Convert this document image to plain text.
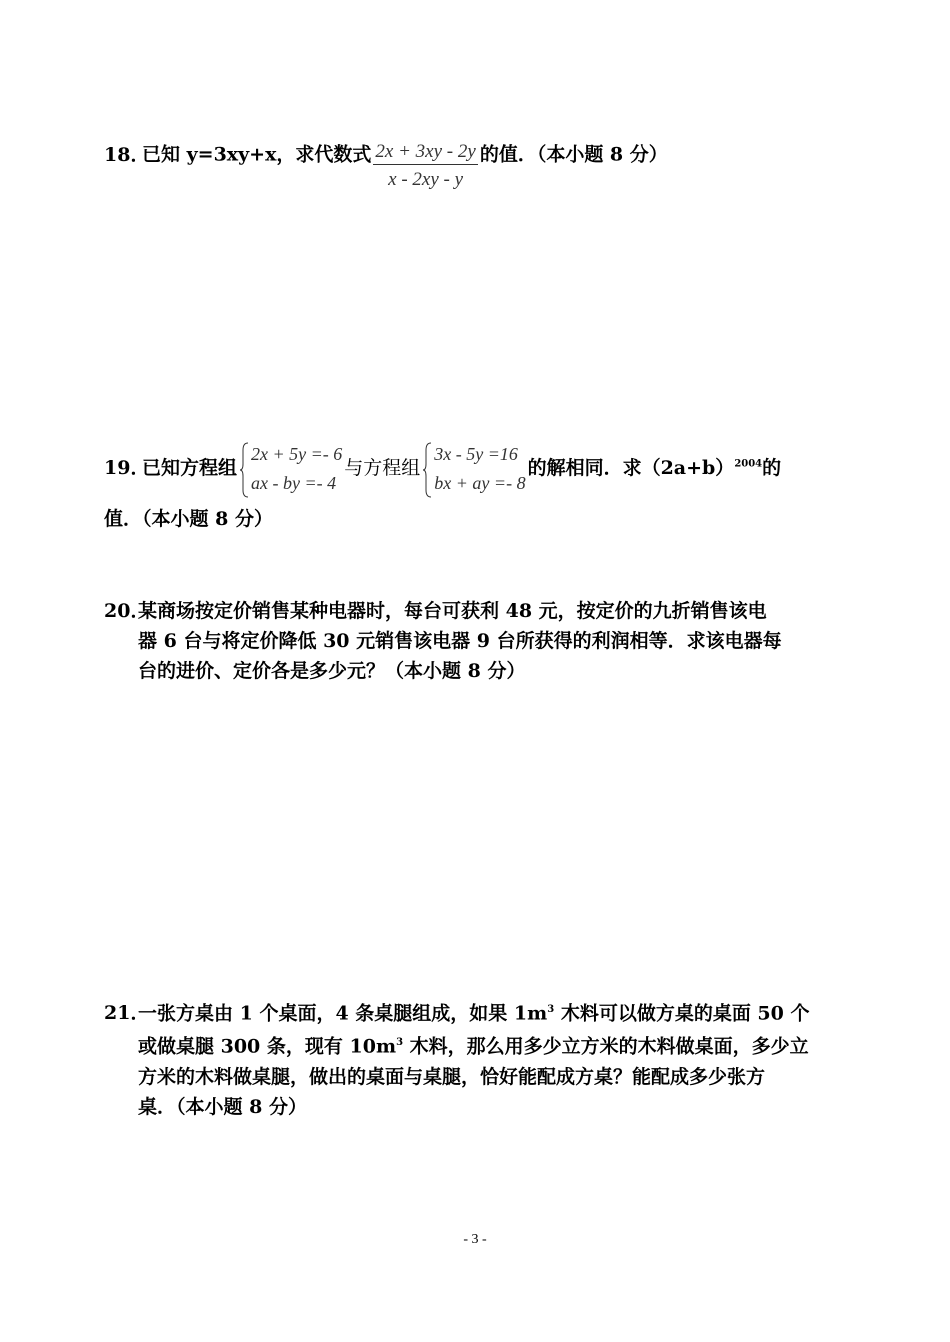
18．已知 y=3xy+x，求代数式 $\frac{2x + 3xy - 2y}{x - 2xy - y}$ 的值．（本小题 8 分）
19．已知方程组
2x + 5y =- 6
ax - by =- 4
与方程组
3x - 5y =16
bx + ay =- 8
的解相同．求$(2a+b)^{2004}$的
值．（本小题 8 分）
20．某商场按定价销售某种电器时，每台可获利 48 元，按定价的九折销售该电
器 6 台与将定价降低 30 元销售该电器 9 台所获得的利润相等．求该电器每
台的进价、定价各是多少元？（本小题 8 分）
21．一张方桌由 1 个桌面，4 条桌腿组成，如果 $1m^3$ 木料可以做方桌的桌面 50 个
或做桌腿 300 条，现有 $10m^3$ 木料，那么用多少立方米的木料做桌面，多少立
方米的木料做桌腿，做出的桌面与桌腿，恰好能配成方桌？能配成多少张方
桌．（本小题 8 分）
- 3 -
